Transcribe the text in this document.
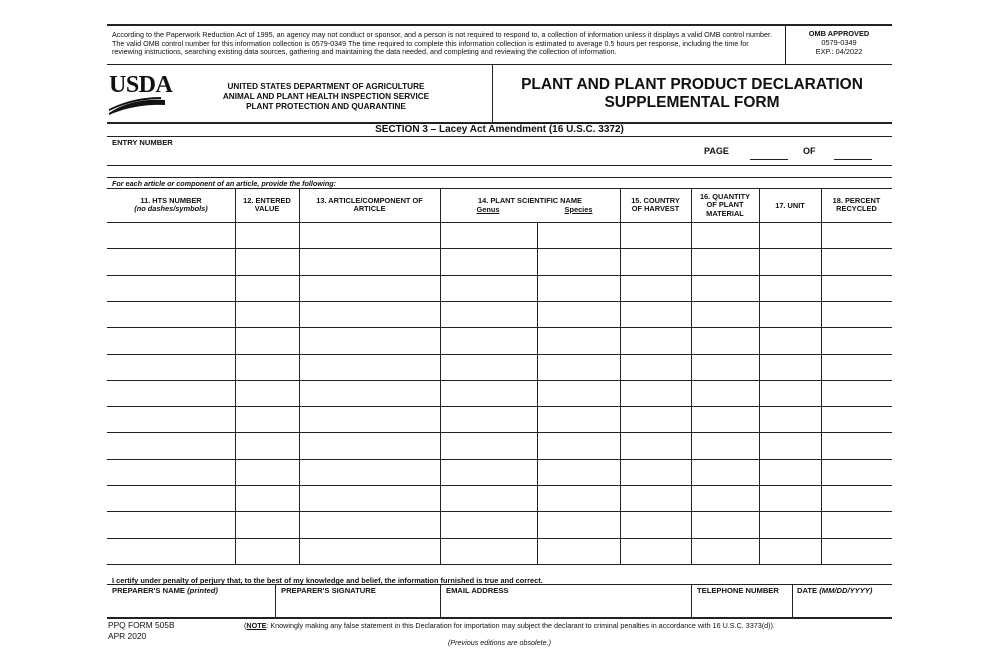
According to the Paperwork Reduction Act of 1995, an agency may not conduct or sponsor, and a person is not required to respond to, a collection of information unless it displays a valid OMB control number. The valid OMB control number for this information collection is 0579-0349 The time required to complete this information collection is estimated to average 0.5 hours per response, including the time for reviewing instructions, searching existing data sources, gathering and maintaining the data needed, and completing and reviewing the collection of information.
OMB APPROVED
0579-0349
EXP.: 04/2022
USDA	UNITED STATES DEPARTMENT OF AGRICULTURE
ANIMAL AND PLANT HEALTH INSPECTION SERVICE
PLANT PROTECTION AND QUARANTINE
PLANT AND PLANT PRODUCT DECLARATION
SUPPLEMENTAL FORM
SECTION 3 – Lacey Act Amendment (16 U.S.C. 3372)
ENTRY NUMBER
PAGE	OF
For each article or component of an article, provide the following:
11. HTS NUMBER
(no dashes/symbols)
12. ENTERED
VALUE
13. ARTICLE/COMPONENT OF
ARTICLE
14. PLANT SCIENTIFIC NAME
Genus	Species
15. COUNTRY
OF HARVEST
16. QUANTITY
OF PLANT
MATERIAL
17. UNIT
18. PERCENT
RECYCLED
I certify under penalty of perjury that, to the best of my knowledge and belief, the information furnished is true and correct.
PREPARER'S NAME (printed)	PREPARER'S SIGNATURE	EMAIL ADDRESS	TELEPHONE NUMBER DATE (MM/DD/YYYY)
PPQ FORM 505B
APR 2020
(NOTE: Knowingly making any false statement in this Declaration for importation may subject the declarant to criminal penalties in accordance with 16 U.S.C. 3373(d)).
(Previous editions are obsolete.)
